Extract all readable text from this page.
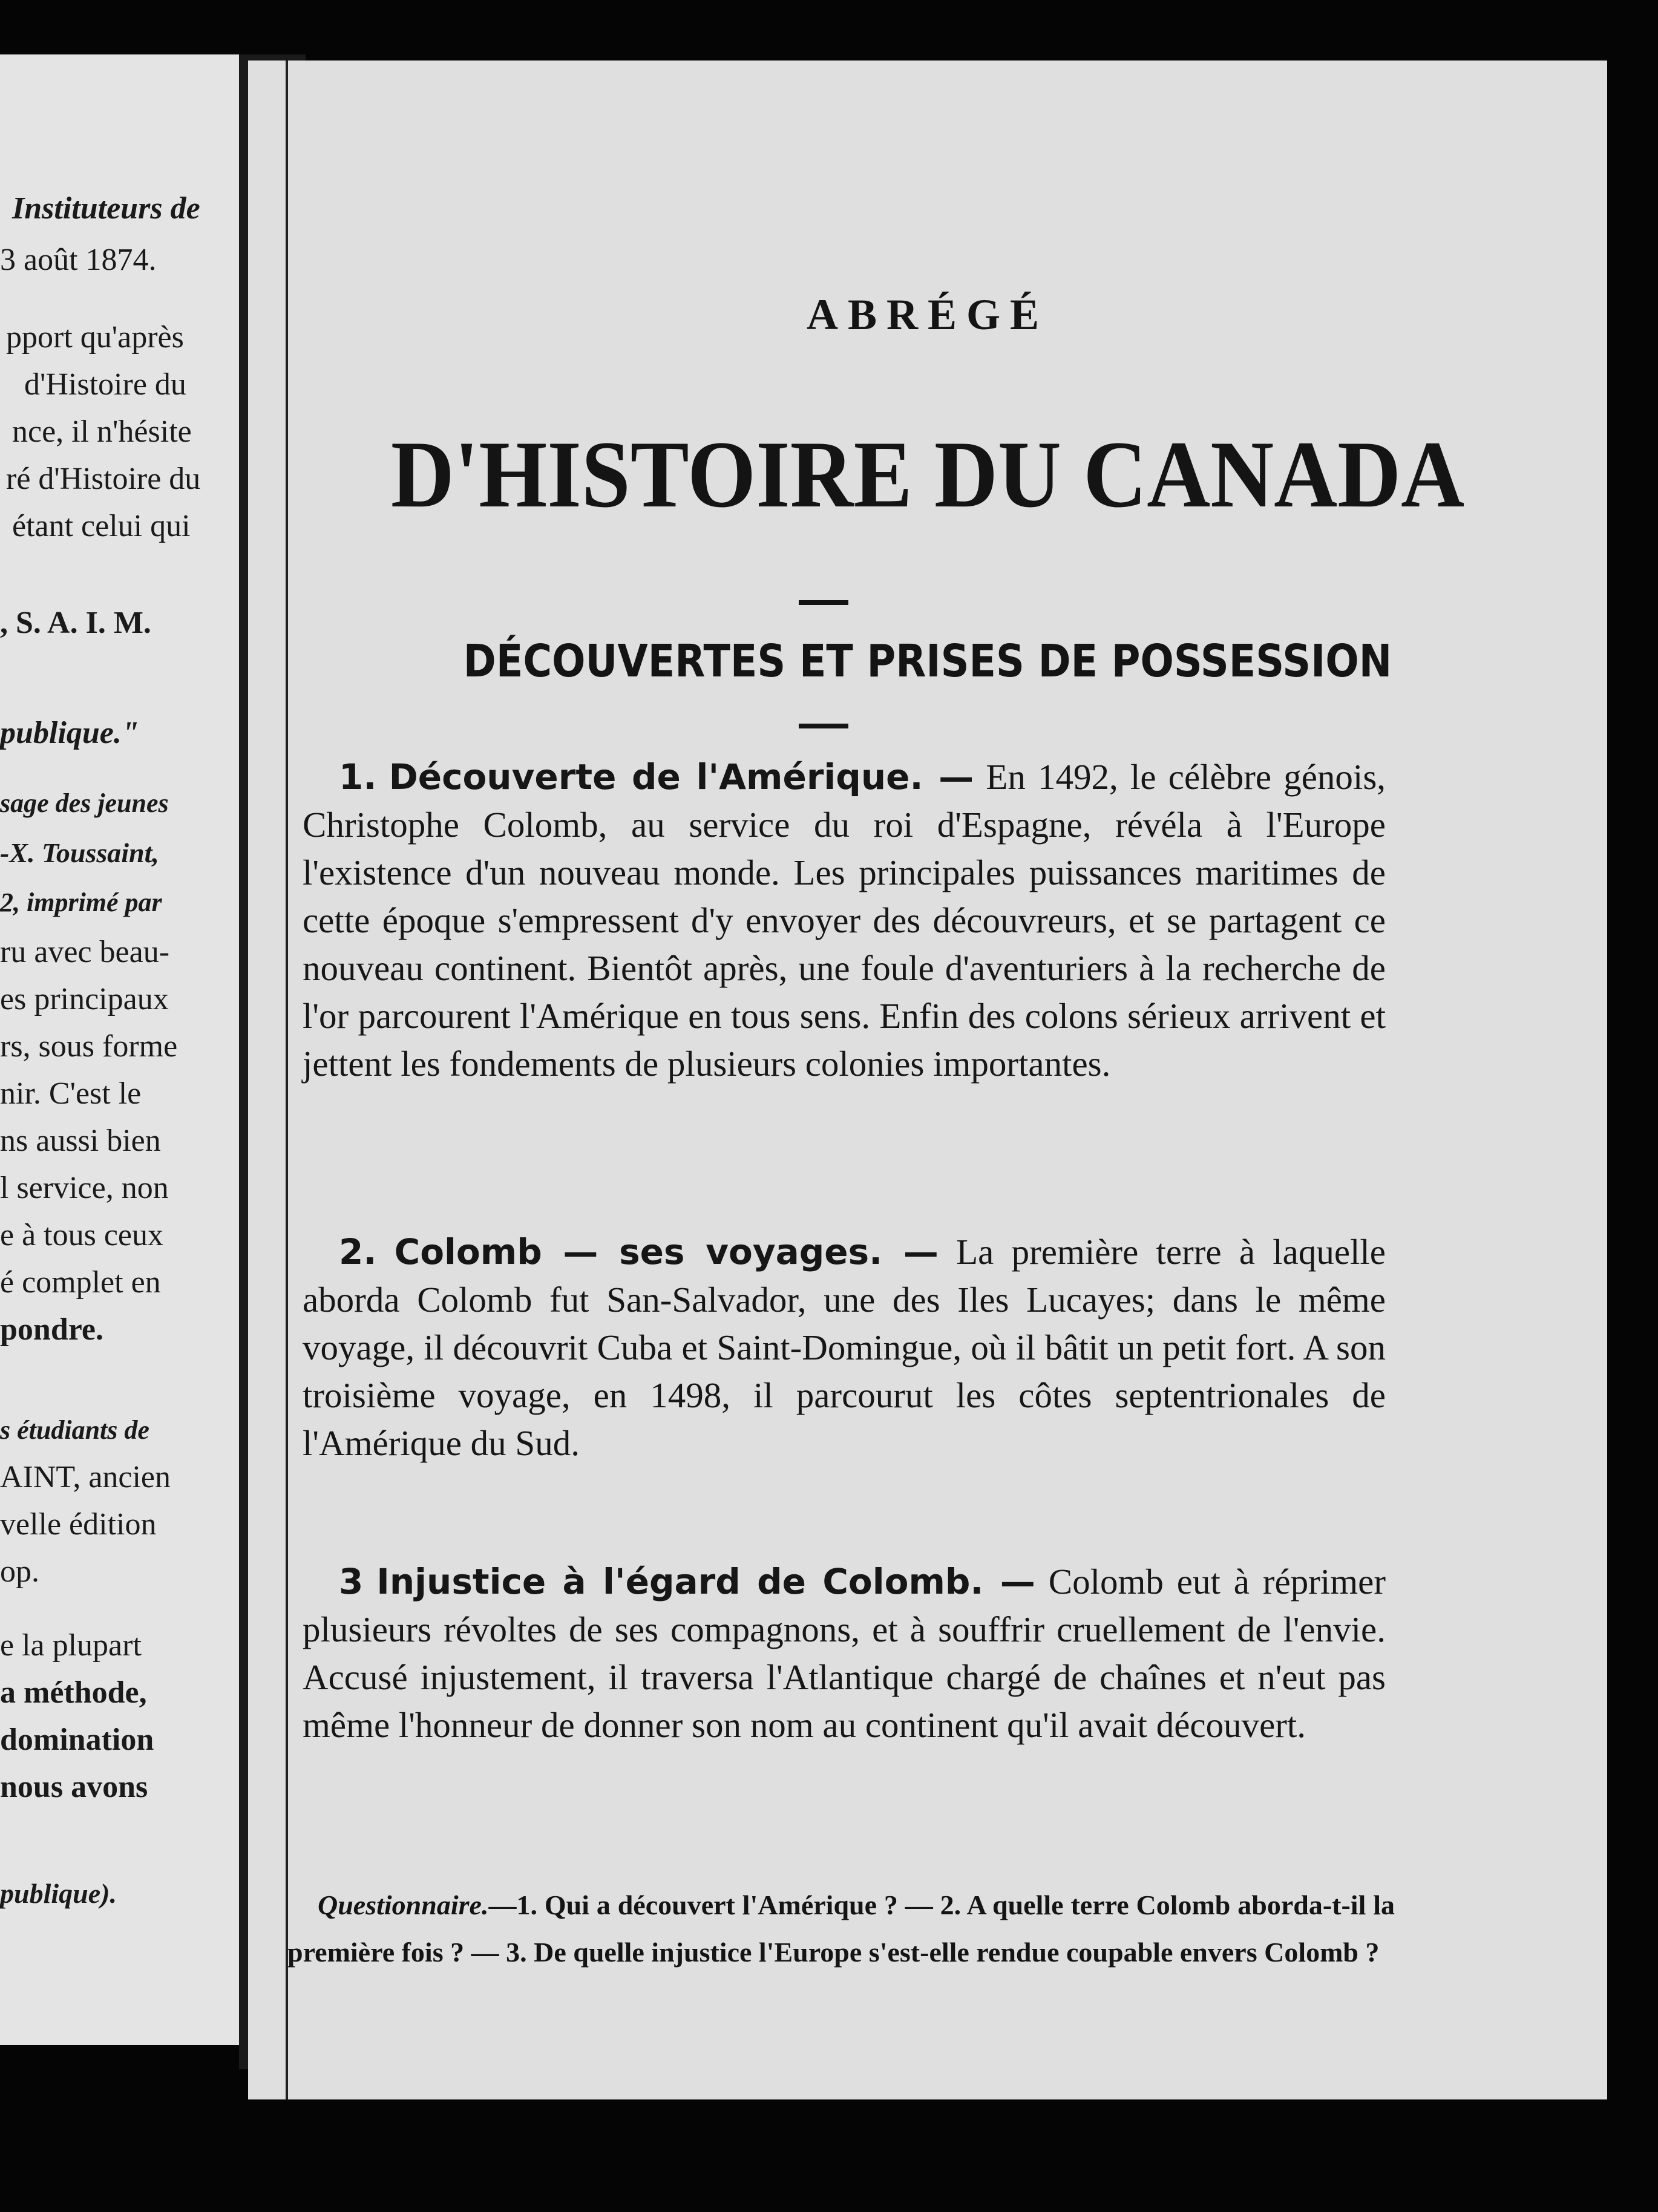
Instituteurs de
3 août 1874.
pport qu'après
d'Histoire du
nce, il n'hésite
ré d'Histoire du
étant celui qui
, S. A. I. M.
publique."
sage des jeunes
-X. Toussaint,
2, imprimé par
ru avec beau-
es principaux
rs, sous forme
nir. C'est le
ns aussi bien
l service, non
e à tous ceux
é complet en
pondre.
s étudiants de
AINT, ancien
velle édition
op.
e la plupart
a méthode,
domination
nous avons
publique).
ABRÉGÉ
D'HISTOIRE DU CANADA
DÉCOUVERTES ET PRISES DE POSSESSION
1. Découverte de l'Amérique. — En 1492, le célèbre génois, Christophe Colomb, au service du roi d'Espagne, révéla à l'Europe l'existence d'un nouveau monde. Les principales puissances maritimes de cette époque s'empressent d'y envoyer des découvreurs, et se partagent ce nouveau continent. Bientôt après, une foule d'aventuriers à la recherche de l'or parcourent l'Amérique en tous sens. Enfin des colons sérieux arrivent et jettent les fondements de plusieurs colonies importantes.
2. Colomb — ses voyages. — La première terre à laquelle aborda Colomb fut San-Salvador, une des Iles Lucayes; dans le même voyage, il découvrit Cuba et Saint-Domingue, où il bâtit un petit fort. A son troisième voyage, en 1498, il parcourut les côtes septentrionales de l'Amérique du Sud.
3 Injustice à l'égard de Colomb. — Colomb eut à réprimer plusieurs révoltes de ses compagnons, et à souffrir cruellement de l'envie. Accusé injustement, il traversa l'Atlantique chargé de chaînes et n'eut pas même l'honneur de donner son nom au continent qu'il avait découvert.
Questionnaire.—1. Qui a découvert l'Amérique ? — 2. A quelle terre Colomb aborda-t-il la première fois ? — 3. De quelle injustice l'Europe s'est-elle rendue coupable envers Colomb ?
